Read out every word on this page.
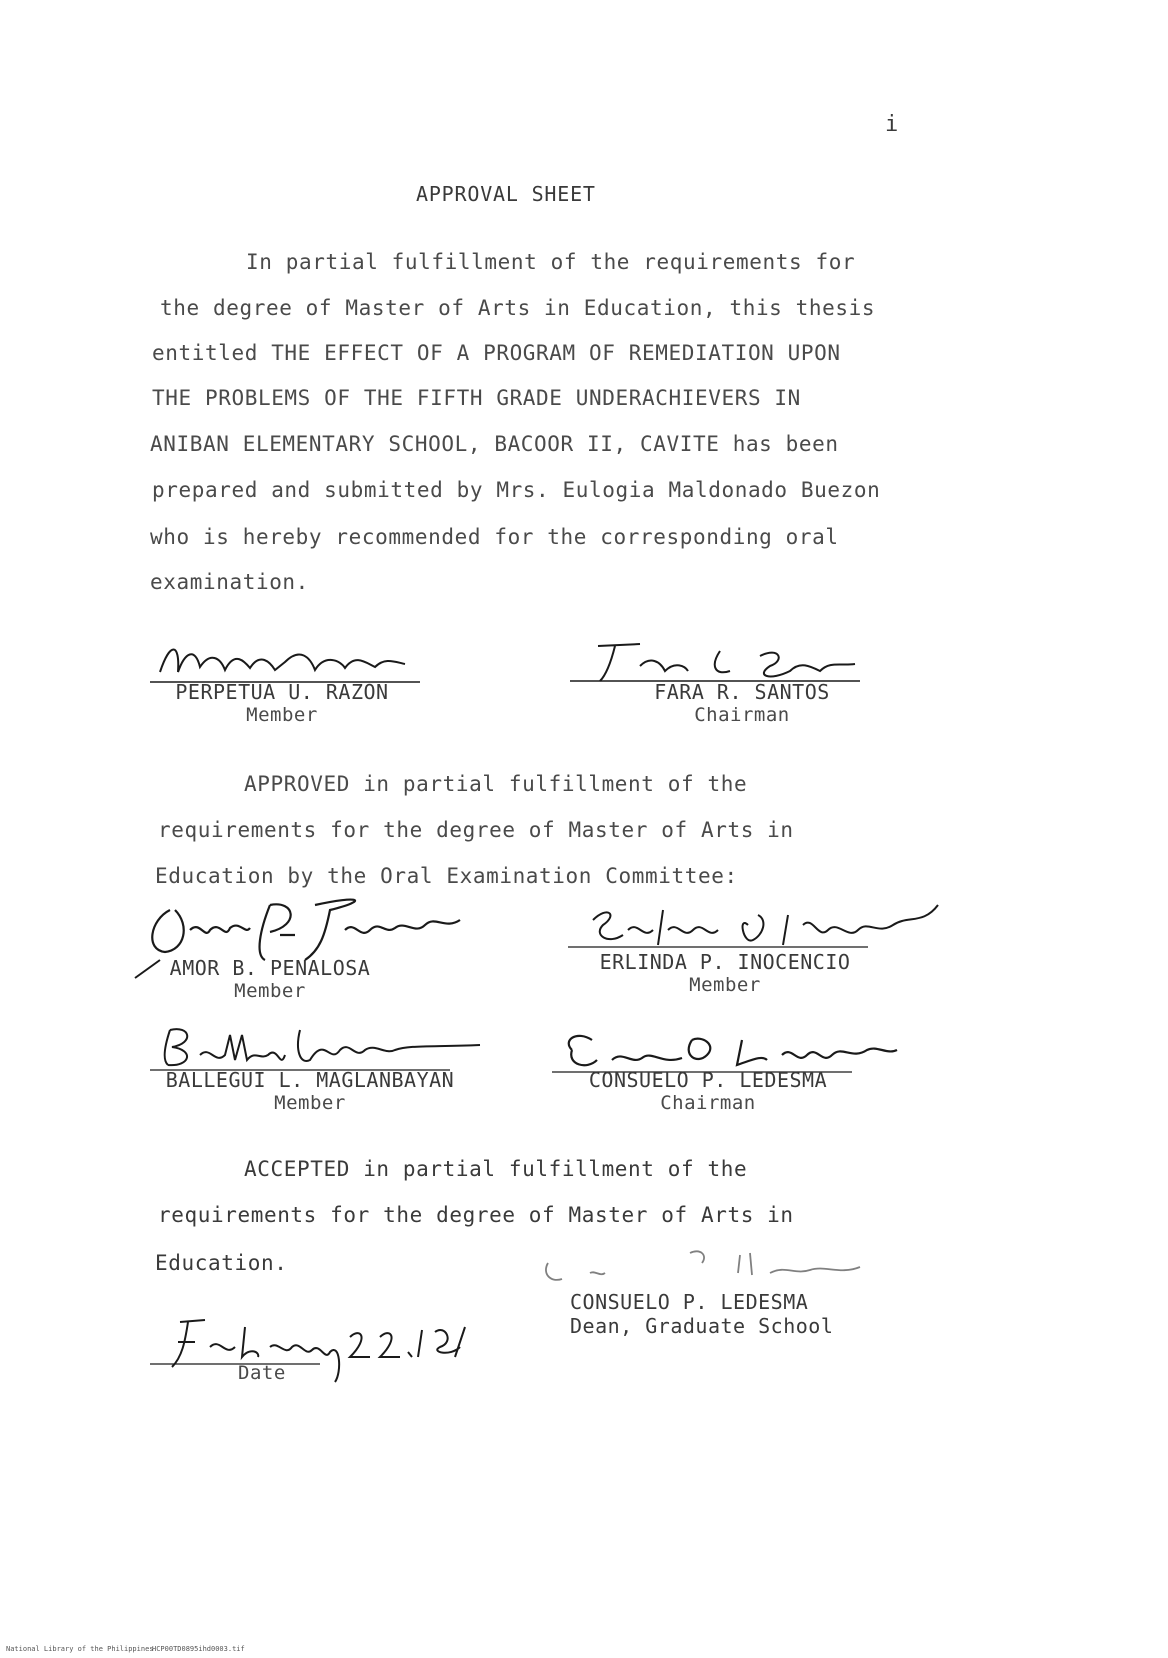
i
APPROVAL SHEET
In partial fulfillment of the requirements for
the degree of Master of Arts in Education, this thesis
entitled THE EFFECT OF A PROGRAM OF REMEDIATION UPON
THE PROBLEMS OF THE FIFTH GRADE UNDERACHIEVERS IN
ANIBAN ELEMENTARY SCHOOL, BACOOR II, CAVITE has been
prepared and submitted by Mrs. Eulogia Maldonado Buezon
who is hereby recommended for the corresponding oral
examination.
PERPETUA U. RAZON
Member
FARA R. SANTOS
Chairman
APPROVED in partial fulfillment of the
requirements for the degree of Master of Arts in
Education by the Oral Examination Committee:
AMOR B. PENALOSA
Member
ERLINDA P. INOCENCIO
Member
BALLEGUI L. MAGLANBAYAN
Member
CONSUELO P. LEDESMA
Chairman
ACCEPTED in partial fulfillment of the
requirements for the degree of Master of Arts in
Education.
CONSUELO P. LEDESMA
Dean, Graduate School
Date
National Library of the Philippines
HCP00TD0895ihd0003.tif
